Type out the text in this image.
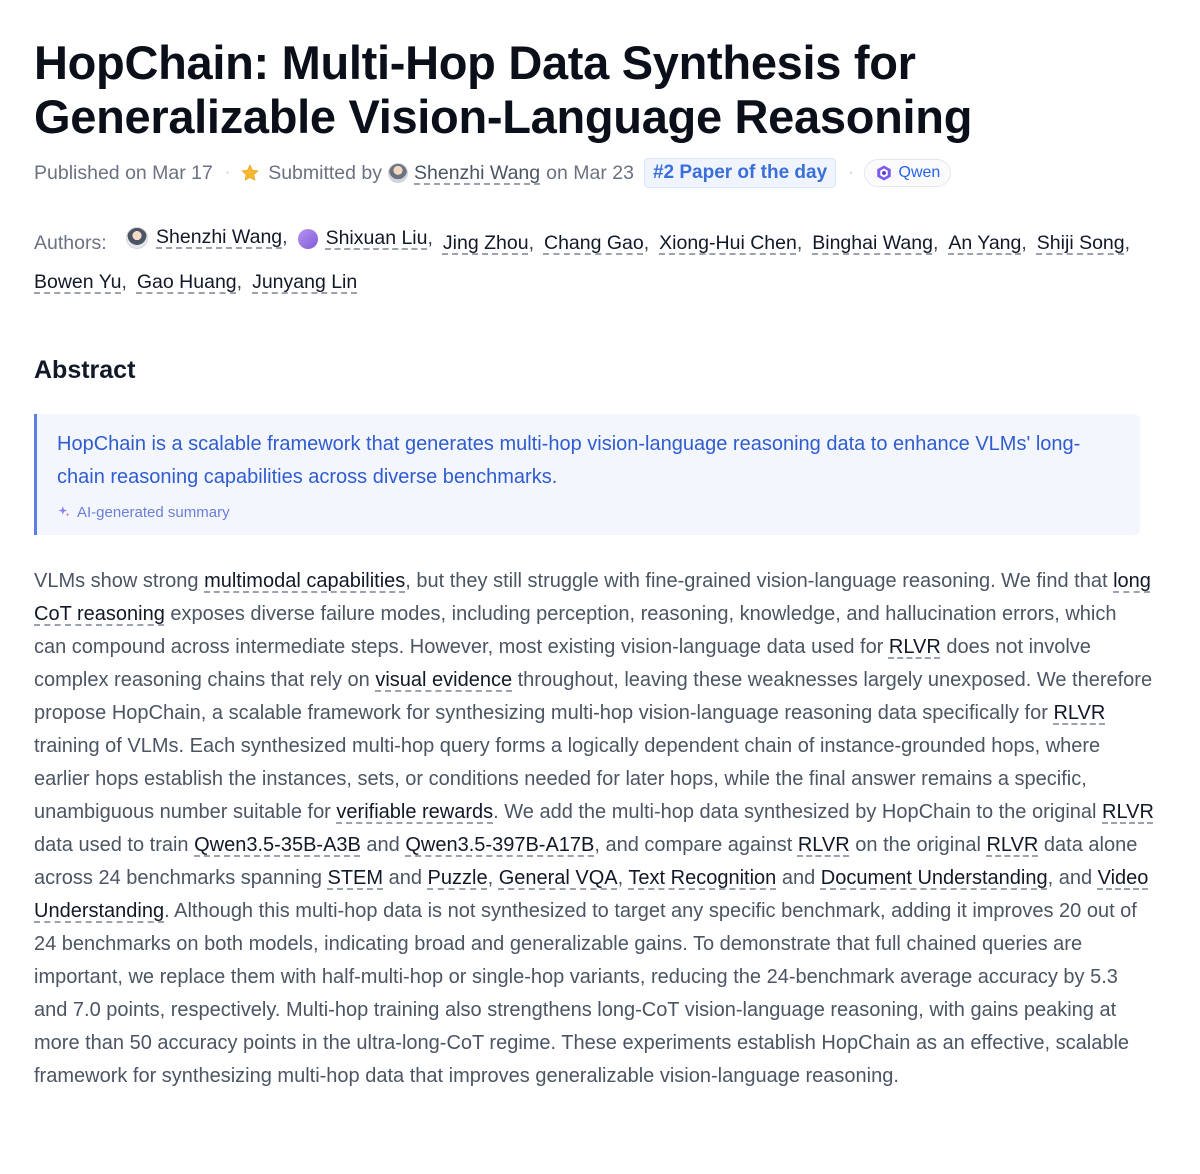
HopChain: Multi-Hop Data Synthesis for Generalizable Vision-Language Reasoning
Published on Mar 17 · Submitted by Shenzhi Wang on Mar 23	#2 Paper of the day	·	Qwen
Authors:	Shenzhi Wang , Shixuan Liu , Jing Zhou , Chang Gao , Xiong-Hui Chen , Binghai Wang , An Yang , Shiji Song ,
Bowen Yu , Gao Huang , Junyang Lin
Abstract
HopChain is a scalable framework that generates multi-hop vision-language reasoning data to enhance VLMs' long-chain reasoning capabilities across diverse benchmarks.
AI-generated summary
VLMs show strong multimodal capabilities, but they still struggle with fine-grained vision-language reasoning. We find that long CoT reasoning exposes diverse failure modes, including perception, reasoning, knowledge, and hallucination errors, which can compound across intermediate steps. However, most existing vision-language data used for RLVR does not involve complex reasoning chains that rely on visual evidence throughout, leaving these weaknesses largely unexposed. We therefore propose HopChain, a scalable framework for synthesizing multi-hop vision-language reasoning data specifically for RLVR training of VLMs. Each synthesized multi-hop query forms a logically dependent chain of instance-grounded hops, where earlier hops establish the instances, sets, or conditions needed for later hops, while the final answer remains a specific, unambiguous number suitable for verifiable rewards. We add the multi-hop data synthesized by HopChain to the original RLVR data used to train Qwen3.5-35B-A3B and Qwen3.5-397B-A17B, and compare against RLVR on the original RLVR data alone across 24 benchmarks spanning STEM and Puzzle, General VQA, Text Recognition and Document Understanding, and Video Understanding. Although this multi-hop data is not synthesized to target any specific benchmark, adding it improves 20 out of 24 benchmarks on both models, indicating broad and generalizable gains. To demonstrate that full chained queries are important, we replace them with half-multi-hop or single-hop variants, reducing the 24-benchmark average accuracy by 5.3 and 7.0 points, respectively. Multi-hop training also strengthens long-CoT vision-language reasoning, with gains peaking at more than 50 accuracy points in the ultra-long-CoT regime. These experiments establish HopChain as an effective, scalable framework for synthesizing multi-hop data that improves generalizable vision-language reasoning.
